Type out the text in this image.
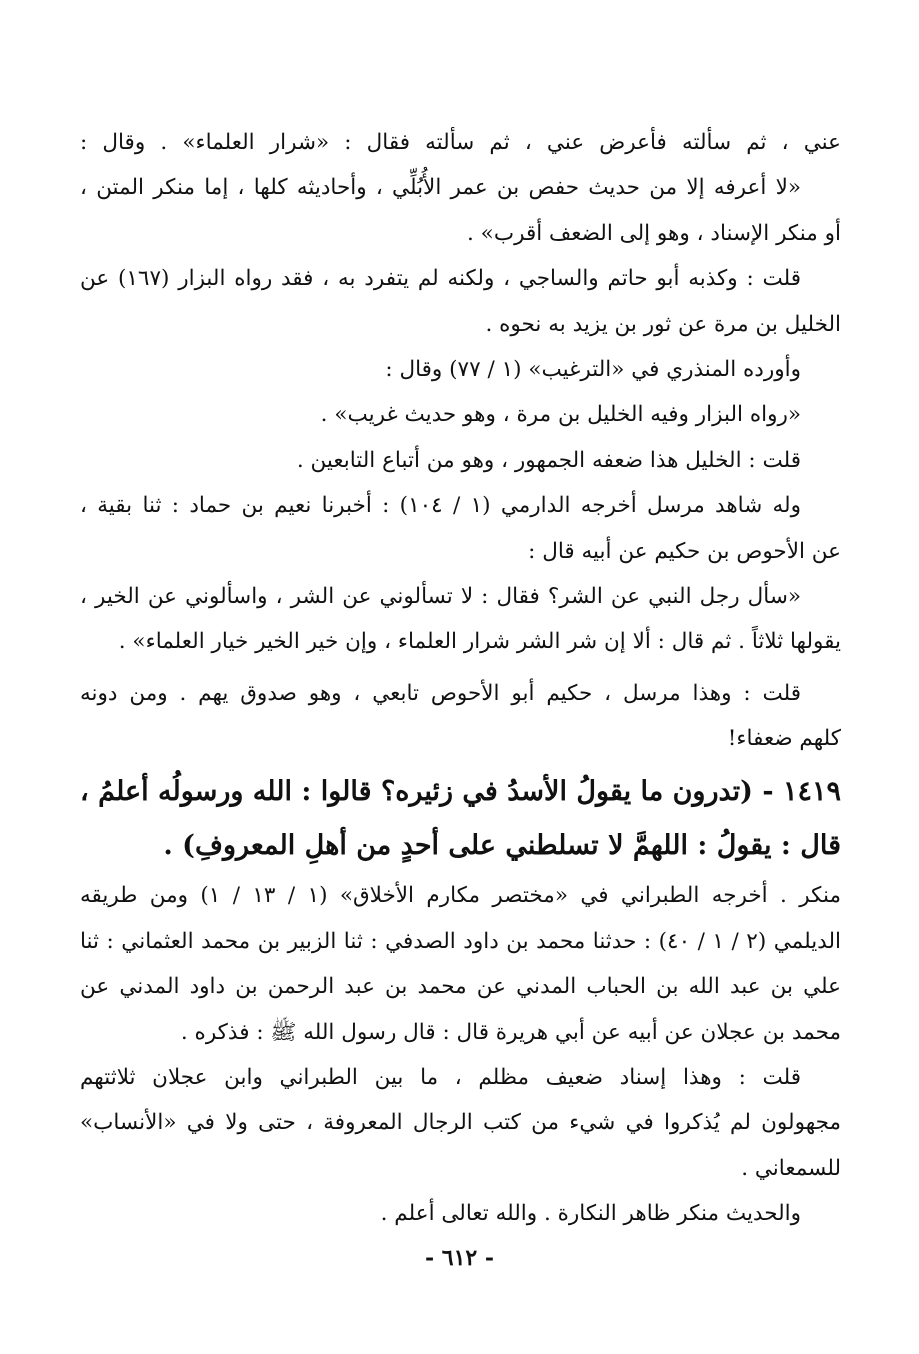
عني ، ثم سألته فأعرض عني ، ثم سألته فقال : «شرار العلماء» . وقال :

«لا أعرفه إلا من حديث حفص بن عمر الأُبُلِّي ، وأحاديثه كلها ، إما منكر المتن ،

أو منكر الإسناد ، وهو إلى الضعف أقرب» .

قلت : وكذبه أبو حاتم والساجي ، ولكنه لم يتفرد به ، فقد رواه البزار (١٦٧) عن

الخليل بن مرة عن ثور بن يزيد به نحوه .

وأورده المنذري في «الترغيب» (١ / ٧٧) وقال :

«رواه البزار وفيه الخليل بن مرة ، وهو حديث غريب» .

قلت : الخليل هذا ضعفه الجمهور ، وهو من أتباع التابعين .

وله شاهد مرسل أخرجه الدارمي (١ / ١٠٤) : أخبرنا نعيم بن حماد : ثنا بقية ،

عن الأحوص بن حكيم عن أبيه قال :

«سأل رجل النبي عن الشر؟ فقال : لا تسألوني عن الشر ، واسألوني عن الخير ،

يقولها ثلاثاً . ثم قال : ألا إن شر الشر شرار العلماء ، وإن خير الخير خيار العلماء» .

قلت : وهذا مرسل ، حكيم أبو الأحوص تابعي ، وهو صدوق يهم . ومن دونه

كلهم ضعفاء!

١٤١٩ - (تدرون ما يقولُ الأسدُ في زئيره؟ قالوا : الله ورسولُه أعلمُ ،

قال : يقولُ : اللهمَّ لا تسلطني على أحدٍ من أهلِ المعروفِ) .

منكر . أخرجه الطبراني في «مختصر مكارم الأخلاق» (١ / ١٣ / ١) ومن طريقه

الديلمي (٢ / ١ / ٤٠) : حدثنا محمد بن داود الصدفي : ثنا الزبير بن محمد العثماني : ثنا

علي بن عبد الله بن الحباب المدني عن محمد بن عبد الرحمن بن داود المدني عن

محمد بن عجلان عن أبيه عن أبي هريرة قال : قال رسول الله ﷺ : فذكره .

قلت : وهذا إسناد ضعيف مظلم ، ما بين الطبراني وابن عجلان ثلاثتهم

مجهولون لم يُذكروا في شيء من كتب الرجال المعروفة ، حتى ولا في «الأنساب»

للسمعاني .

والحديث منكر ظاهر النكارة . والله تعالى أعلم .

- ٦١٢ -
